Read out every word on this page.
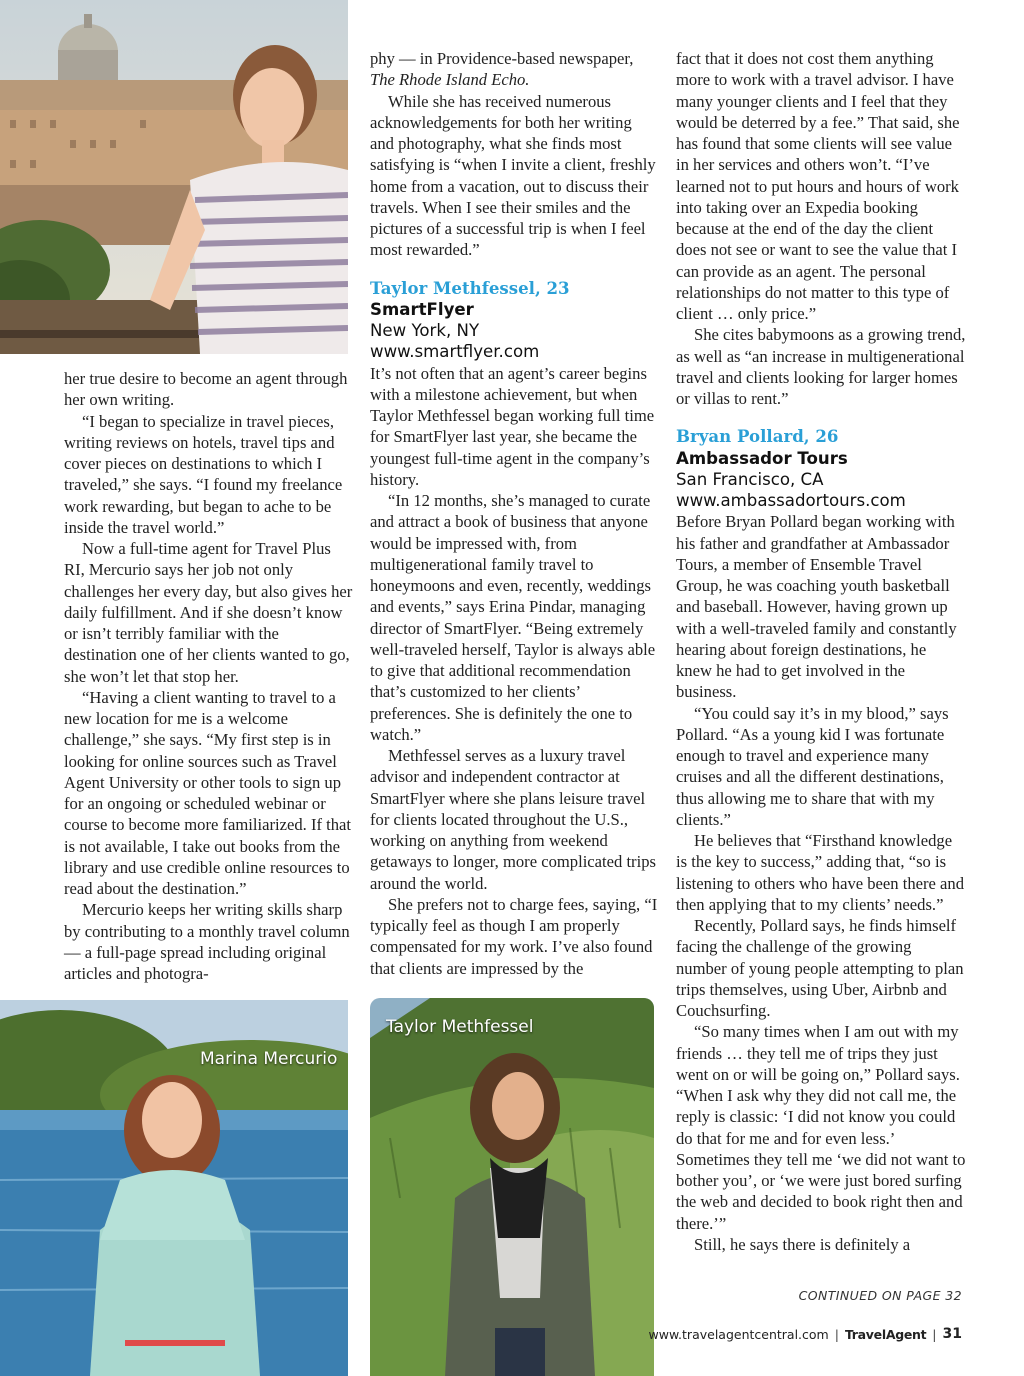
Marina Mercurio
Taylor Methfessel

her true desire to become an agent through her own writing.

“I began to specialize in travel pieces, writing reviews on hotels, travel tips and cover pieces on destinations to which I traveled,” she says. “I found my freelance work rewarding, but began to ache to be inside the travel world.”

Now a full-time agent for Travel Plus RI, Mercurio says her job not only challenges her every day, but also gives her daily fulfillment. And if she doesn’t know or isn’t terribly familiar with the destination one of her clients wanted to go, she won’t let that stop her.

“Having a client wanting to travel to a new location for me is a welcome challenge,” she says. “My first step is in looking for online sources such as Travel Agent University or other tools to sign up for an ongoing or scheduled webinar or course to become more familiarized. If that is not available, I take out books from the library and use credible online resources to read about the destination.”

Mercurio keeps her writing skills sharp by contributing to a monthly travel column — a full-page spread including original articles and photogra-

phy — in Providence-based newspaper, The Rhode Island Echo.

While she has received numerous acknowledgements for both her writing and photography, what she finds most satisfying is “when I invite a client, freshly home from a vacation, out to discuss their travels. When I see their smiles and the pictures of a successful trip is when I feel most rewarded.”

Taylor Methfessel, 23

SmartFlyer

New York, NY

www.smartflyer.com

It’s not often that an agent’s career begins with a milestone achievement, but when Taylor Methfessel began working full time for SmartFlyer last year, she became the youngest full-time agent in the company’s history.

“In 12 months, she’s managed to curate and attract a book of business that anyone would be impressed with, from multigenerational family travel to honeymoons and even, recently, weddings and events,” says Erina Pindar, managing director of SmartFlyer. “Being extremely well-traveled herself, Taylor is always able to give that additional recommendation that’s customized to her clients’ preferences. She is definitely the one to watch.”

Methfessel serves as a luxury travel advisor and independent contractor at SmartFlyer where she plans leisure travel for clients located throughout the U.S., working on anything from weekend getaways to longer, more complicated trips around the world.

She prefers not to charge fees, saying, “I typically feel as though I am properly compensated for my work. I’ve also found that clients are impressed by the

fact that it does not cost them anything more to work with a travel advisor. I have many younger clients and I feel that they would be deterred by a fee.” That said, she has found that some clients will see value in her services and others won’t. “I’ve learned not to put hours and hours of work into taking over an Expedia booking because at the end of the day the client does not see or want to see the value that I can provide as an agent. The personal relationships do not matter to this type of client … only price.”

She cites babymoons as a growing trend, as well as “an increase in multigenerational travel and clients looking for larger homes or villas to rent.”

Bryan Pollard, 26

Ambassador Tours

San Francisco, CA

www.ambassadortours.com

Before Bryan Pollard began working with his father and grandfather at Ambassador Tours, a member of Ensemble Travel Group, he was coaching youth basketball and baseball. However, having grown up with a well-traveled family and constantly hearing about foreign destinations, he knew he had to get involved in the business.

“You could say it’s in my blood,” says Pollard. “As a young kid I was fortunate enough to travel and experience many cruises and all the different destinations, thus allowing me to share that with my clients.”

He believes that “Firsthand knowledge is the key to success,” adding that, “so is listening to others who have been there and then applying that to my clients’ needs.”

Recently, Pollard says, he finds himself facing the challenge of the growing number of young people attempting to plan trips themselves, using Uber, Airbnb and Couchsurfing.

“So many times when I am out with my friends … they tell me of trips they just went on or will be going on,” Pollard says. “When I ask why they did not call me, the reply is classic: ‘I did not know you could do that for me and for even less.’ Sometimes they tell me ‘we did not want to bother you’, or ‘we were just bored surfing the web and decided to book right then and there.’”

Still, he says there is definitely a

CONTINUED ON PAGE 32
www.travelagentcentral.com | TravelAgent | 31
